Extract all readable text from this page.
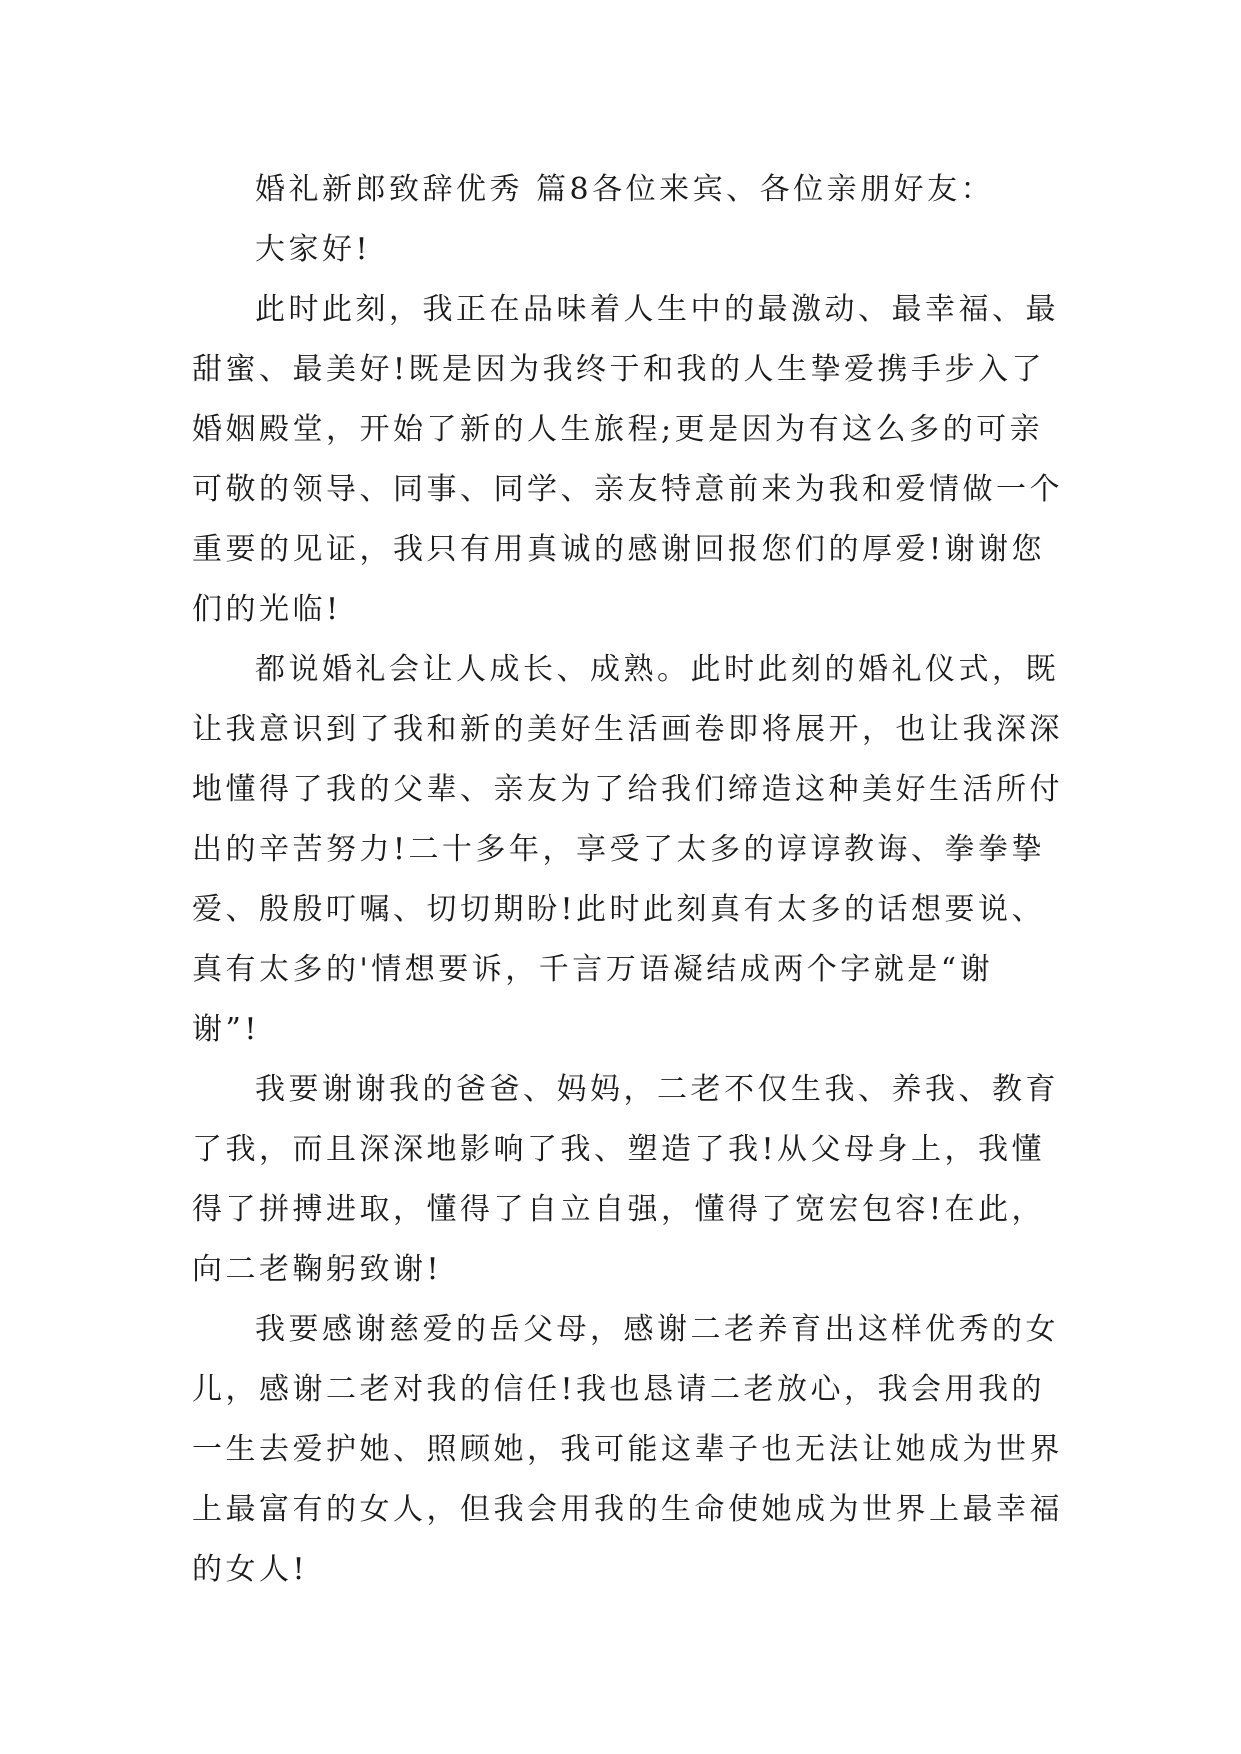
婚礼新郎致辞优秀 篇8各位来宾、各位亲朋好友：
大家好!
此时此刻，我正在品味着人生中的最激动、最幸福、最
甜蜜、最美好!既是因为我终于和我的人生挚爱携手步入了
婚姻殿堂，开始了新的人生旅程;更是因为有这么多的可亲
可敬的领导、同事、同学、亲友特意前来为我和爱情做一个
重要的见证，我只有用真诚的感谢回报您们的厚爱!谢谢您
们的光临!
都说婚礼会让人成长、成熟。此时此刻的婚礼仪式，既
让我意识到了我和新的美好生活画卷即将展开，也让我深深
地懂得了我的父辈、亲友为了给我们缔造这种美好生活所付
出的辛苦努力!二十多年，享受了太多的谆谆教诲、拳拳挚
爱、殷殷叮嘱、切切期盼!此时此刻真有太多的话想要说、
真有太多的'情想要诉，千言万语凝结成两个字就是“谢
谢”!
我要谢谢我的爸爸、妈妈，二老不仅生我、养我、教育
了我，而且深深地影响了我、塑造了我!从父母身上，我懂
得了拼搏进取，懂得了自立自强，懂得了宽宏包容!在此，
向二老鞠躬致谢!
我要感谢慈爱的岳父母，感谢二老养育出这样优秀的女
儿，感谢二老对我的信任!我也恳请二老放心，我会用我的
一生去爱护她、照顾她，我可能这辈子也无法让她成为世界
上最富有的女人，但我会用我的生命使她成为世界上最幸福
的女人!
